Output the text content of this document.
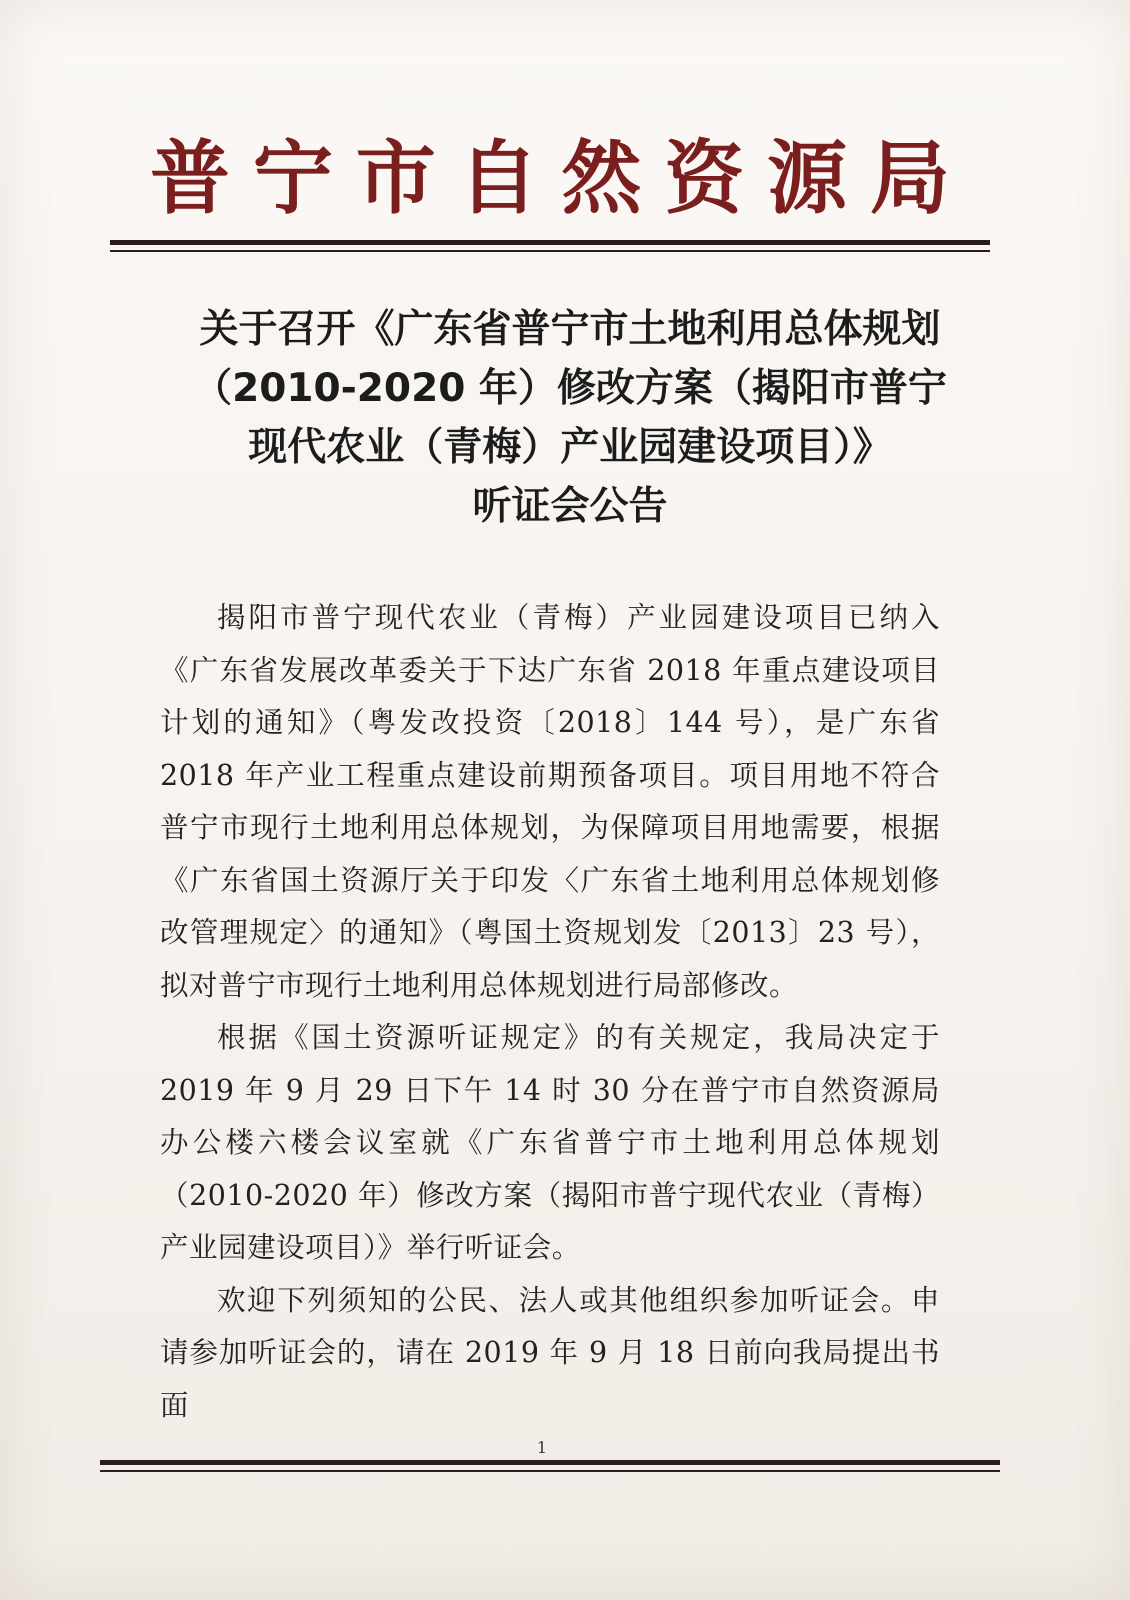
普 宁 市 自 然 资 源 局
关于召开《广东省普宁市土地利用总体规划
（2010-2020 年）修改方案（揭阳市普宁
现代农业（青梅）产业园建设项目）》
听证会公告

揭阳市普宁现代农业（青梅）产业园建设项目已纳入《广东省发展改革委关于下达广东省 2018 年重点建设项目计划的通知》（粤发改投资〔2018〕144 号），是广东省 2018 年产业工程重点建设前期预备项目。项目用地不符合普宁市现行土地利用总体规划，为保障项目用地需要，根据《广东省国土资源厅关于印发〈广东省土地利用总体规划修改管理规定〉的通知》（粤国土资规划发〔2013〕23 号），拟对普宁市现行土地利用总体规划进行局部修改。

根据《国土资源听证规定》的有关规定，我局决定于 2019 年 9 月 29 日下午 14 时 30 分在普宁市自然资源局办公楼六楼会议室就《广东省普宁市土地利用总体规划（2010-2020 年）修改方案（揭阳市普宁现代农业（青梅）产业园建设项目）》举行听证会。

欢迎下列须知的公民、法人或其他组织参加听证会。申请参加听证会的，请在 2019 年 9 月 18 日前向我局提出书面

1
